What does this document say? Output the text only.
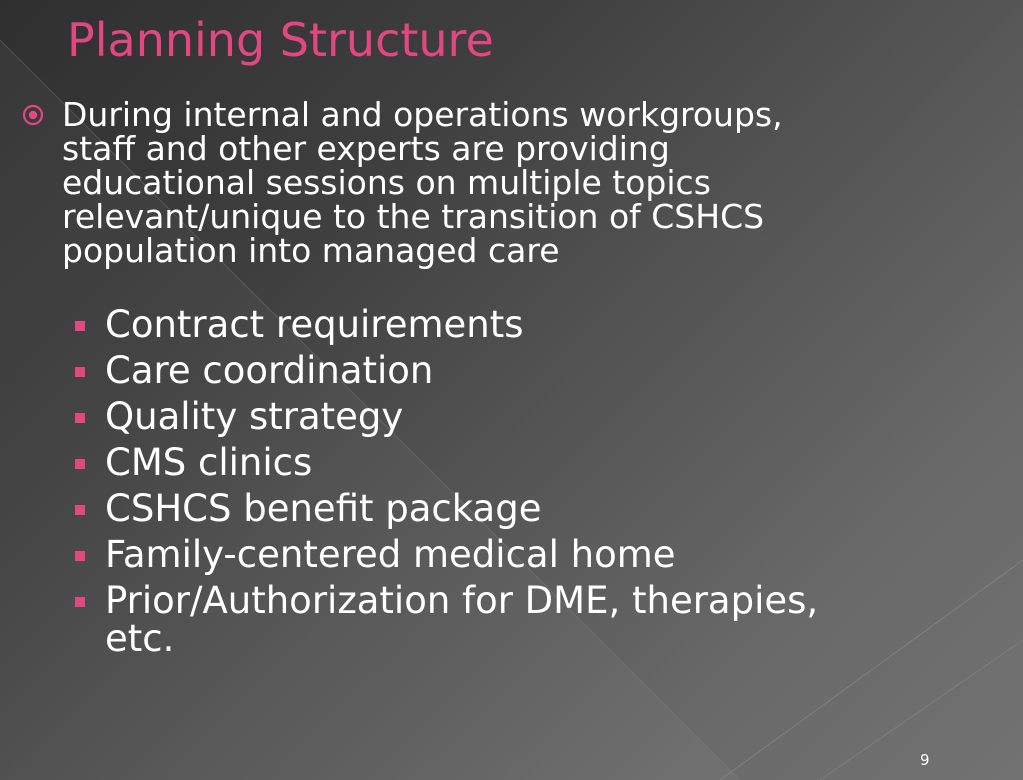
Planning Structure

During internal and operations workgroups, staff and other experts are providing educational sessions on multiple topics relevant/unique to the transition of CSHCS population into managed care

Contract requirements
Care coordination
Quality strategy
CMS clinics
CSHCS benefit package
Family-centered medical home
Prior/Authorization for DME, therapies, etc.
9
